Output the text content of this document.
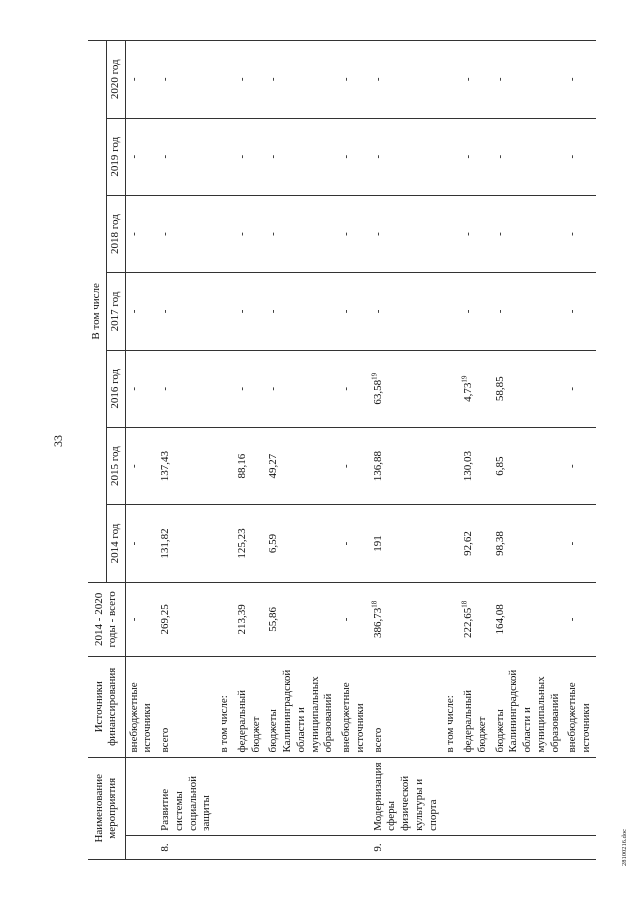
33
28100216.doc
Наименование мероприятия		Источники финансирования	2014 - 2020 годы - всего	В том числе						
				2014 год	2015 год	2016 год	2017 год	2018 год	2019 год	2020 год
		внебюджетные источники	-	-	-	-	-	-	-	-
8.	Развитие системы социальной защиты	всего	269,25	131,82	137,43	-	-	-	-	-
		в том числе:								
		федеральный бюджет	213,39	125,23	88,16	-	-	-	-	-
		бюджеты Калининградской области и муниципальных образований	55,86	6,59	49,27	-	-	-	-	-
		внебюджетные источники	-	-	-	-	-	-	-	-
9.	Модернизация сферы физической культуры и спорта	всего	386,73$^{18}$	191	136,88	63,58$^{19}$	-	-	-	-
		в том числе:								
		федеральный бюджет	222,65$^{18}$	92,62	130,03	4,73$^{19}$	-	-	-	-
		бюджеты Калининградской области и муниципальных образований	164,08	98,38	6,85	58,85	-	-	-	-
		внебюджетные источники	-	-	-	-	-	-	-	-
